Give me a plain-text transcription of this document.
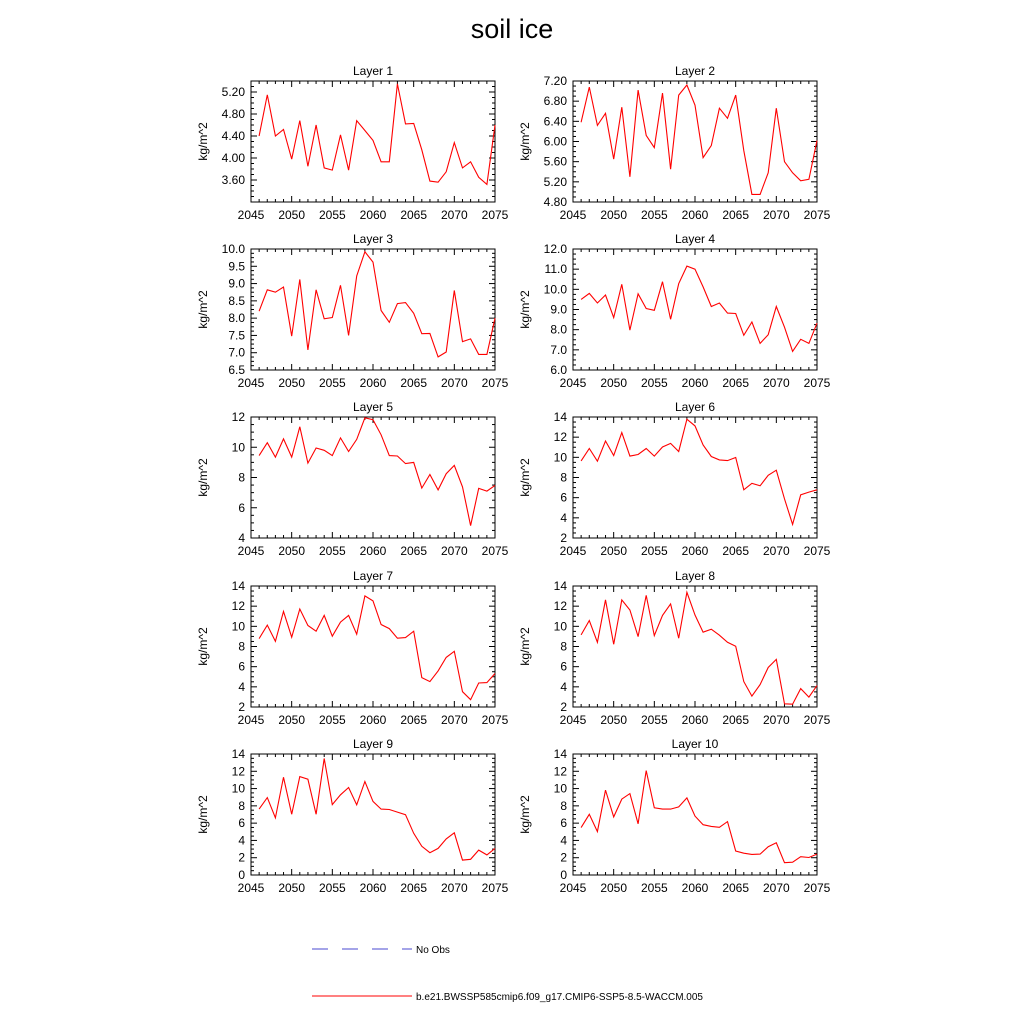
soil ice
2045 2050 2055 2060 2065 2070 2075
3.60
4.00
4.40
4.80
5.20
Layer 1
kg/m^2
2045 2050 2055 2060 2065 2070 2075
4.80
5.20
5.60
6.00
6.40
6.80
7.20
Layer 2
kg/m^2
2045 2050 2055 2060 2065 2070 2075
6.5
7.0
7.5
8.0
8.5
9.0
9.5
10.0
Layer 3
kg/m^2
2045 2050 2055 2060 2065 2070 2075
6.0
7.0
8.0
9.0
10.0
11.0
12.0
Layer 4
kg/m^2
2045 2050 2055 2060 2065 2070 2075
4
6
8
10
12
Layer 5
kg/m^2
2045 2050 2055 2060 2065 2070 2075
2
4
6
8
10
12
14
Layer 6
kg/m^2
2045 2050 2055 2060 2065 2070 2075
2
4
6
8
10
12
14
Layer 7
kg/m^2
2045 2050 2055 2060 2065 2070 2075
2
4
6
8
10
12
14
Layer 8
kg/m^2
2045 2050 2055 2060 2065 2070 2075
0
2
4
6
8
10
12
14
Layer 9
kg/m^2
2045 2050 2055 2060 2065 2070 2075
0
2
4
6
8
10
12
14
Layer 10
kg/m^2
No Obs
b.e21.BWSSP585cmip6.f09_g17.CMIP6-SSP5-8.5-WACCM.005
